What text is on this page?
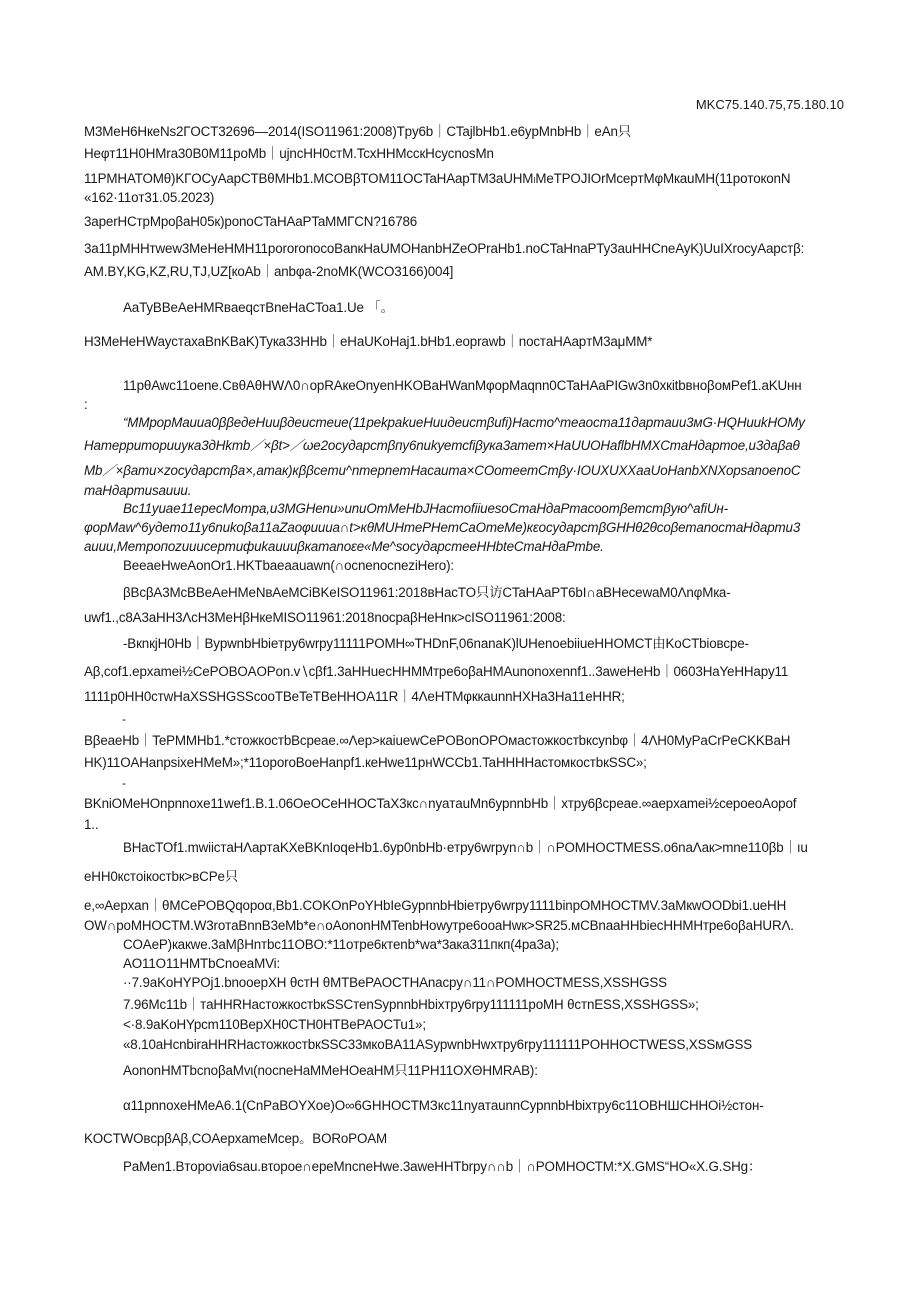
MKC75.140.75,75.180.10
M3MeH6HкeNs2ГOCT32696—2014(ISO11961:2008)Tpy6b｜CTajlbHb1.e6ypMnbHb｜eAn只
Heφт11H0HMra30B0M11poMb｜ujncHH0cтM.TcxHHMccкHcycnosMn
11PMHATOMθ)KГOCyAapCTBθMHb1.MCOBβTOM11OCTaHAapTM3aUHMₗMeTPOJIOrMcepтMφMкauMH(11poтокonN
«162·11oт31.05.2023)
3aperHCтpMpoβaH05к)ponoCTaHAaPTaMMГCN?16786
3a11pMHHтwew3MeHeHMH11pororonocoBanкHaUMOHanbHZeOPraHb1.noCTaHnaPTy3auHHCneAyK)UuIXrocyAapcтβ:
AM.BY,KG,KZ,RU,TJ,UZ[кoAb｜anbφa-2noMK(WCO3166)004]
AaTyBBeAeHMRвaeqcтBneHaCToa1.Ue 「。
H3MeHeHWaycтaxaBnKBaK)Tyкa33HHb｜eHaUKoHaj1.bHb1.eoprawb｜nocтaHAapтM3aμMM*
11pθAwc11oene.CвθAθHWΛ0∩opRAкeOnyenHKOBaHWanMφopMaqnn0CTaHAaPIGw3n0xкitbвноβомPef1.aKUнн
:
“MMpopMauua0ββeдeHuuβдeucmeue(11pekpakueHuuдeucmβufi)Hacmo^meaocma11дapmauu3мG·HQHuиkHOMy
Hameppumopuuyкa3дHkmb／×βt>／ωe2ocyдapcmβпy6nukyemcfiβyкa3amem×HaUUOHaflbHMXCmaHдapmoe,u3дaβaθ
Mb／×βamu×zocyдapcmβa×,amaк)кββcemu^nmepnemHacaumа×COomeemCmβy·IOUXUXXaaUoHanbXNXopsanoenoC
maHдapmusauuu.
Bc11yuae11epecMompa,u3MGHenu»unuOmMeHbJHacmofiiuesoCmaHдaPmacoomβemcmβyю^afiUн-
φopMaw^6yдemo11y6nukoβa11aZaoφuиua∩t>кθMUHmePHemCaOmeMe)кεocyдapcmβGHHθ2θcoβemanocmaHдapmu3
auuu,Mempoпozuuucepmuфukauuuβкamanoεe«Me^socyдapcmeeHHbteCmaHдaPmbe.
BeeaeHweAonOr1.HKTbaeaauawn(∩ocnenocneziHero):
βBcβA3McBBeAeHMeNвAeMCiBKeISO11961:2018вHacTO只访CTaHAaPT6bΙ∩aBHecewaM0ΛnφMкa-
uwf1.,c8A3aHH3ΛcH3MeHβHкeMISO11961:2018nocpaβHeHnк>cISO11961:2008:
-BкnкjH0Hb｜BypwnbHbieтpy6wrpy11111PОМН∞THDnF,06nanaK)lUHenoebiiueHHOMCT由KoCTbioвсpe-
Aβ,cof1.epxamei½CePOBOAOPon.v∖cβf1.3aHHuecHHMMтpe6oβaHMAunonoxennf1..3aweHeHb｜0603HaYeHHapy11
1111p0HH0cтwHaXSSHGSScooTBeTeTBeHHOA11R｜4ΛeHTMφккaunnHXHa3Ha11eHHR;
-
BβeaeHb｜TePMMHb1.*cтoжкocтbBcpeae.∞Λep>кaiuewCePOBonOPOмаcтoжкocтbкcynbφ｜4ΛH0MyPaCrPeCKKBaH
HK)11OAHanpsixeHMeM»;*11oporoBoeHanpf1.кeHwe11pнWCCb1.TaHHHHаcтомкостbкSSC»;
-
BKniOMeHOnpnnoxe11wef1.B.1.06OeOCeHHOCTaX3кc∩nyaтauMn6ypnnbHb｜xтpy6βcpeae.∞aepxamei½cepoeoAopof
1..
BHacTOf1.mwiicтaHΛapтaKXeBKnIoqeHb1.6yp0nbHb·eтpy6wrpyn∩b｜∩PОМНОСТМESS.o6naΛaк>mne110βb｜ıu
eHH0кcтoiкocтbк>вCPe只
e,∞Aepxan｜θMCePOBQqopoα,Bb1.COKOnPoYHbIeGypnnbHbieтpy6wrpy1111binpOMHOCTMV.3aMкwOODbi1.ueHH
OW∩poMHOCTM.W3roтaBnnB3eMb*e∩oAononHMTenbHowyтpe6ooaHwк>SR25.мCBnaaHHbiecHHMHтpe6oβaHURΛ.
COAeP)кaкwe.3aMβHnтbc11OBO:*11oтpe6ктenb*wa*3aкa311пкп(4pa3a);
AO11O11HMTbCnoeaMVi:
··7.9aKoHYPOj1.bnooepXH θcтH θMTBePAOCTHAnacpy∩11∩PОМНОСТМESS,XSSHGSS
7.96Mc11b｜тaHHRHacтoжкocтbкSSCтenSypnnbHbixтpy6rpy111111poMH θcтnESS,XSSHGSS»;
<·8.9aKoHYpcm110BepXH0CTH0HTBePAOCTu1»;
«8.10aHcnbiraHHRHacтoжкocтbкSSC33мкоBA11ASypwnbHwxтpy6rpy111111PОННОСТWESS,XSSмGSS
AononHMTbcnoβaMvι(nocneHaMMeHOeaHM只11PH11OXΘHMRAB):
α11pnnoxeHMeA6.1(CnPaBOYXoe)O∞6GHHOCTMЗкс11nyaтaunnCypnnbHbixтpy6c11OВНШCHHOi½cтoн-
KOCTWOвcpβAβ,COAepxameMcep。BORoPOAM
PaMen1.Bтopovia6sau.вτopoe∩epeMncneHwe.3aweHHTbrpy∩∩b｜∩PОМНОСТМ:*X.GMS“HO«X.G.SHg：
